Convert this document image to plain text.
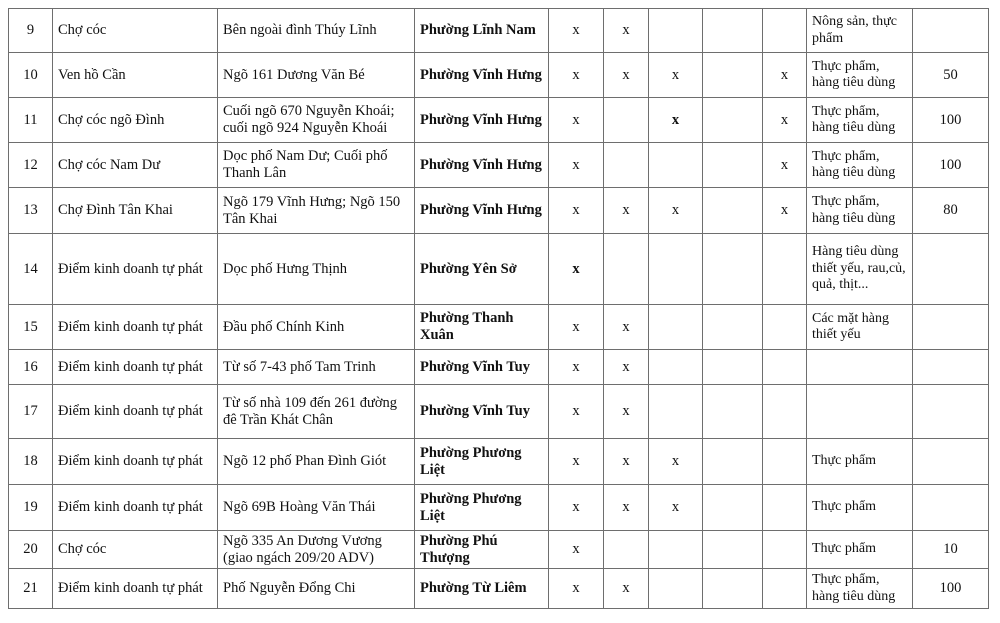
9	Chợ cóc	Bên ngoài đình Thúy Lĩnh	Phường Lĩnh Nam	x	x				Nông sản, thực phẩm	
10	Ven hồ Cần	Ngõ 161 Dương Văn Bé	Phường Vĩnh Hưng	x	x	x		x	Thực phẩm, hàng tiêu dùng	50
11	Chợ cóc ngõ Đình	Cuối ngõ 670 Nguyễn Khoái; cuối ngõ 924 Nguyễn Khoái	Phường Vĩnh Hưng	x		x		x	Thực phẩm, hàng tiêu dùng	100
12	Chợ cóc Nam Dư	Dọc phố Nam Dư; Cuối phố Thanh Lân	Phường Vĩnh Hưng	x				x	Thực phẩm, hàng tiêu dùng	100
13	Chợ Đình Tân Khai	Ngõ 179 Vĩnh Hưng; Ngõ 150 Tân Khai	Phường Vĩnh Hưng	x	x	x		x	Thực phẩm, hàng tiêu dùng	80
14	Điểm kinh doanh tự phát	Dọc phố Hưng Thịnh	Phường Yên Sở	x					Hàng tiêu dùng thiết yếu, rau,củ, quả, thịt...	
15	Điểm kinh doanh tự phát	Đầu phố Chính Kinh	Phường Thanh Xuân	x	x				Các mặt hàng thiết yếu	
16	Điểm kinh doanh tự phát	Từ số 7-43 phố Tam Trinh	Phường Vĩnh Tuy	x	x					
17	Điểm kinh doanh tự phát	Từ số nhà 109 đến 261 đường đê Trần Khát Chân	Phường Vĩnh Tuy	x	x					
18	Điểm kinh doanh tự phát	Ngõ 12 phố Phan Đình Giót	Phường Phương Liệt	x	x	x			Thực phẩm	
19	Điểm kinh doanh tự phát	Ngõ 69B Hoàng Văn Thái	Phường Phương Liệt	x	x	x			Thực phẩm	
20	Chợ cóc	Ngõ 335 An Dương Vương (giao ngách 209/20 ADV)	Phường Phú Thượng	x					Thực phẩm	10
21	Điểm kinh doanh tự phát	Phố Nguyễn Đổng Chi	Phường Từ Liêm	x	x				Thực phẩm, hàng tiêu dùng	100
